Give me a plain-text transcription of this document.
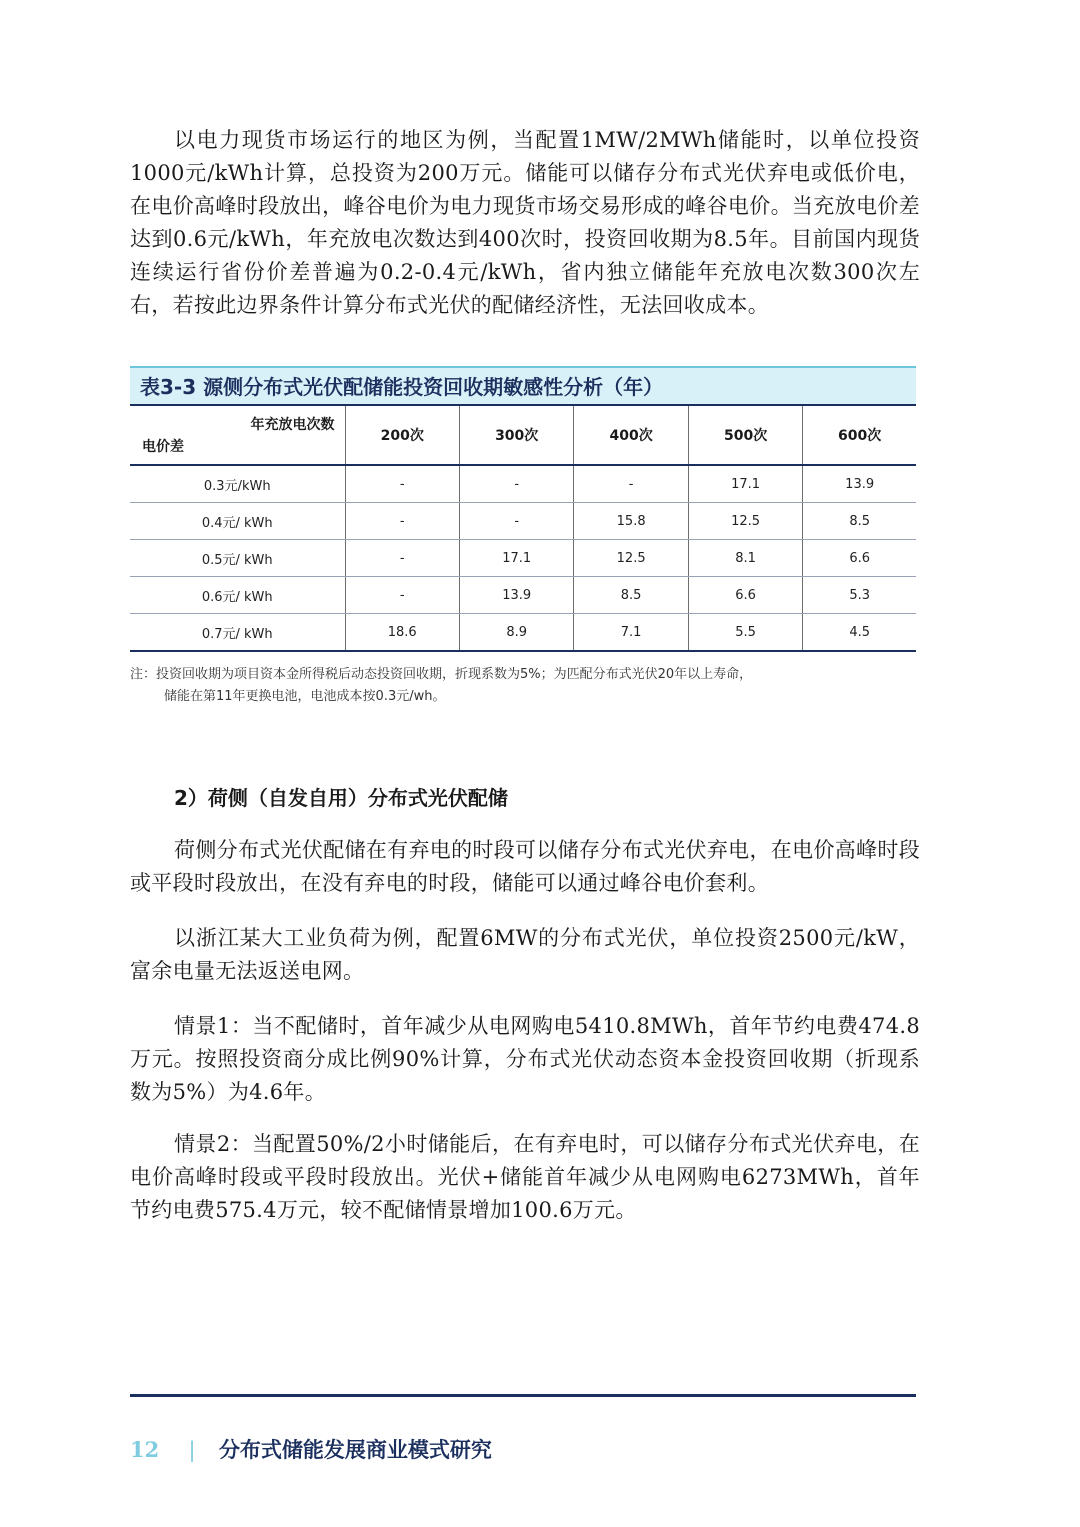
以电力现货市场运行的地区为例，当配置1MW/2MWh储能时，以单位投资1000元/kWh计算，总投资为200万元。储能可以储存分布式光伏弃电或低价电，在电价高峰时段放出，峰谷电价为电力现货市场交易形成的峰谷电价。当充放电价差达到0.6元/kWh，年充放电次数达到400次时，投资回收期为8.5年。目前国内现货连续运行省份价差普遍为0.2-0.4元/kWh，省内独立储能年充放电次数300次左右，若按此边界条件计算分布式光伏的配储经济性，无法回收成本。

表3-3 源侧分布式光伏配储能投资回收期敏感性分析（年）
年充放电次数
电价差	200次	300次	400次	500次	600次
0.3元/kWh	-	-	-	17.1	13.9
0.4元/ kWh	-	-	15.8	12.5	8.5
0.5元/ kWh	-	17.1	12.5	8.1	6.6
0.6元/ kWh	-	13.9	8.5	6.6	5.3
0.7元/ kWh	18.6	8.9	7.1	5.5	4.5

注：投资回收期为项目资本金所得税后动态投资回收期，折现系数为5%；为匹配分布式光伏20年以上寿命，
储能在第11年更换电池，电池成本按0.3元/wh。

2）荷侧（自发自用）分布式光伏配储

荷侧分布式光伏配储在有弃电的时段可以储存分布式光伏弃电，在电价高峰时段或平段时段放出，在没有弃电的时段，储能可以通过峰谷电价套利。

以浙江某大工业负荷为例，配置6MW的分布式光伏，单位投资2500元/kW，富余电量无法返送电网。

情景1：当不配储时，首年减少从电网购电5410.8MWh，首年节约电费474.8万元。按照投资商分成比例90%计算，分布式光伏动态资本金投资回收期（折现系数为5%）为4.6年。

情景2：当配置50%/2小时储能后，在有弃电时，可以储存分布式光伏弃电，在电价高峰时段或平段时段放出。光伏+储能首年减少从电网购电6273MWh，首年节约电费575.4万元，较不配储情景增加100.6万元。

12 | 分布式储能发展商业模式研究
